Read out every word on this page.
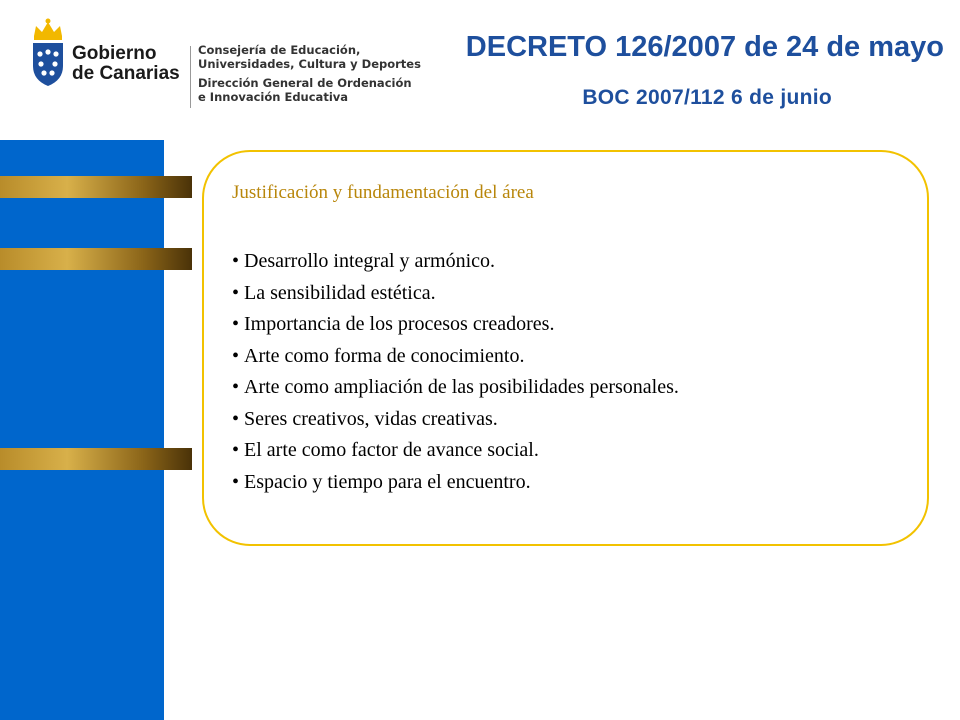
Gobierno
de Canarias
Consejería de Educación,
Universidades, Cultura y Deportes
Dirección General de Ordenación
e Innovación Educativa
DECRETO 126/2007 de 24 de mayo
BOC 2007/112 6 de junio
Justificación y fundamentación del área
• Desarrollo integral y armónico.
• La sensibilidad estética.
• Importancia de los procesos creadores.
• Arte como forma de conocimiento.
• Arte como ampliación de las posibilidades personales.
• Seres creativos, vidas creativas.
• El arte como factor de avance social.
• Espacio y tiempo para el encuentro.
